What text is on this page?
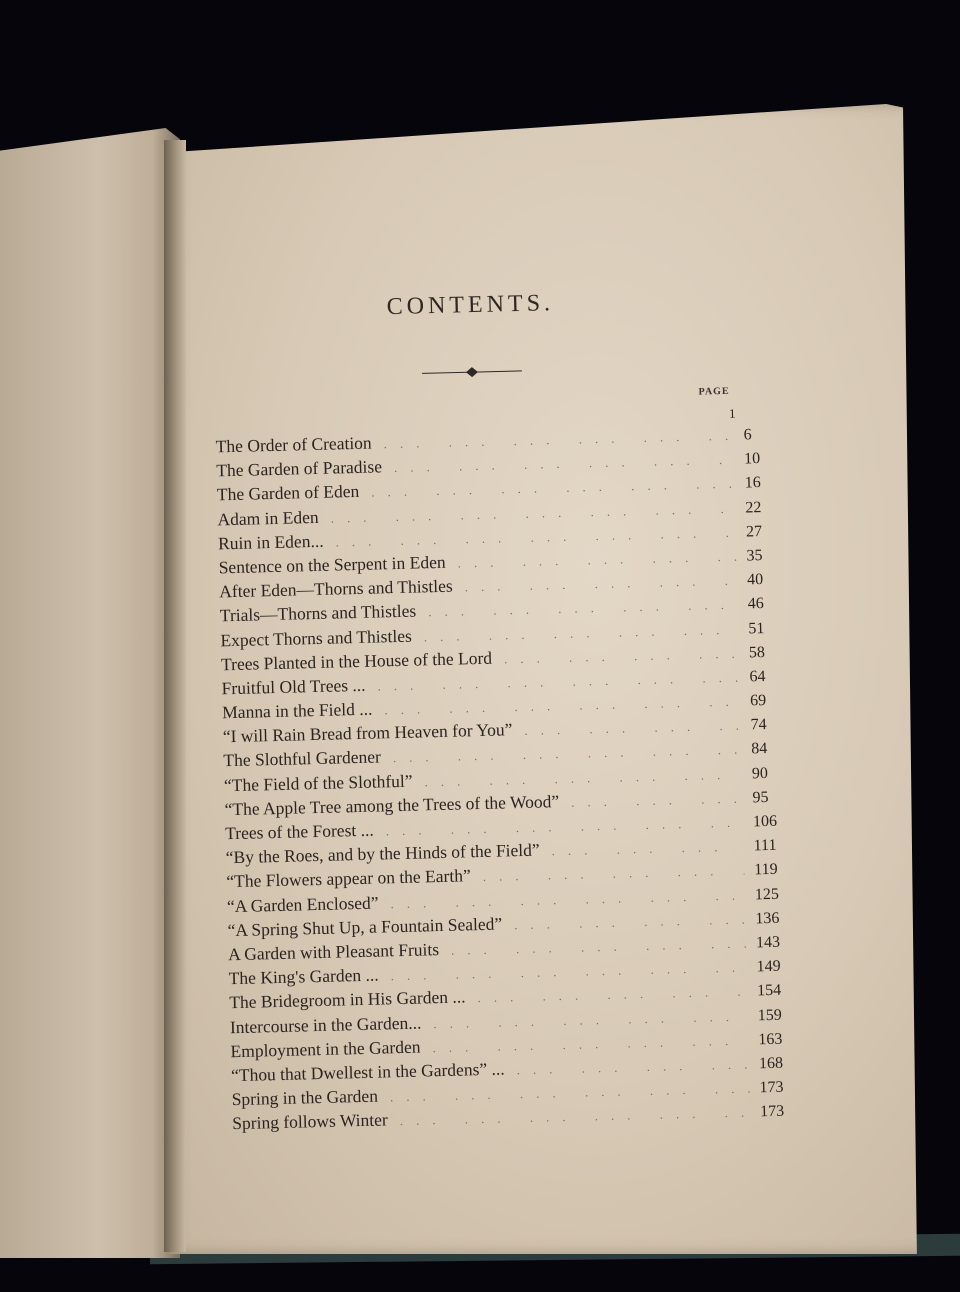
CONTENTS.
PAGE
1
The Order of Creation ... .	6
The Garden of Paradise ... .	10
The Garden of Eden ... .	16
Adam in Eden ... .	22
Ruin in Eden... ... .	27
Sentence on the Serpent in Eden ... .	35
After Eden—Thorns and Thistles ... .	40
Trials—Thorns and Thistles ... .	46
Expect Thorns and Thistles ... .	51
Trees Planted in the House of the Lord ... .	58
Fruitful Old Trees ... ... .	64
Manna in the Field ... ... .	69
“I will Rain Bread from Heaven for You” ... .	74
The Slothful Gardener ... .	84
“The Field of the Slothful” ... .	90
“The Apple Tree among the Trees of the Wood” ... .	95
Trees of the Forest ... ... .	106
“By the Roes, and by the Hinds of the Field” ... .	111
“The Flowers appear on the Earth” ... .	119
“A Garden Enclosed” ... .	125
“A Spring Shut Up, a Fountain Sealed” ... .	136
A Garden with Pleasant Fruits ... .	143
The King's Garden ... ... .	149
The Bridegroom in His Garden ... ... .	154
Intercourse in the Garden... ... .	159
Employment in the Garden ... .	163
“Thou that Dwellest in the Gardens” ... ... .	168
Spring in the Garden ... .	173
Spring follows Winter ... .	173
